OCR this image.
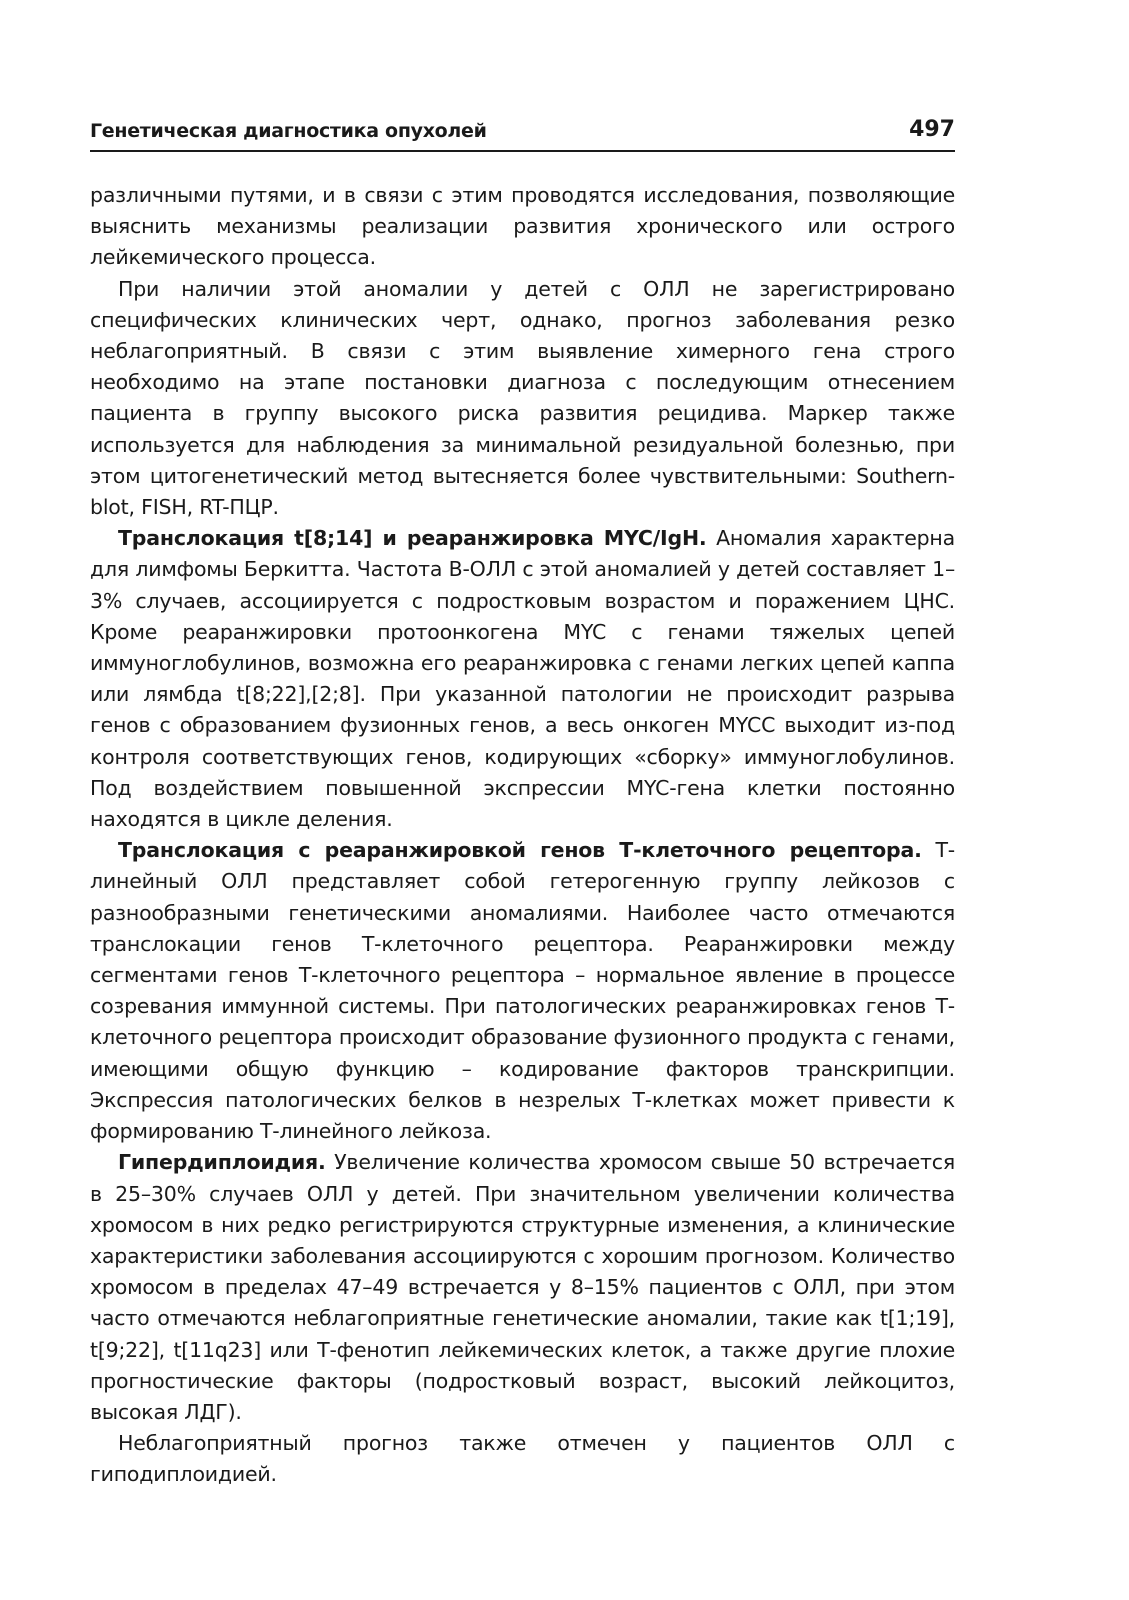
Генетическая диагностика опухолей	497

различными путями, и в связи с этим проводятся исследования, позволяющие выяснить механизмы реализации развития хронического или острого лейкемического процесса.

При наличии этой аномалии у детей с ОЛЛ не зарегистрировано специфических клинических черт, однако, прогноз заболевания резко неблагоприятный. В связи с этим выявление химерного гена строго необходимо на этапе постановки диагноза с последующим отнесением пациента в группу высокого риска развития рецидива. Маркер также используется для наблюдения за минимальной резидуальной болезнью, при этом цитогенетический метод вытесняется более чувствительными: Southern-blot, FISH, RT-ПЦР.

Транслокация t[8;14] и реаранжировка MYC/IgH. Аномалия характерна для лимфомы Беркитта. Частота В-ОЛЛ с этой аномалией у детей составляет 1–3% случаев, ассоциируется с подростковым возрастом и поражением ЦНС. Кроме реаранжировки протоонкогена MYC с генами тяжелых цепей иммуноглобулинов, возможна его реаранжировка с генами легких цепей каппа или лямбда t[8;22],[2;8]. При указанной патологии не происходит разрыва генов с образованием фузионных генов, а весь онкоген MYCC выходит из-под контроля соответствующих генов, кодирующих «сборку» иммуноглобулинов. Под воздействием повышенной экспрессии MYC-гена клетки постоянно находятся в цикле деления.

Транслокация с реаранжировкой генов Т-клеточного рецептора. Т-линейный ОЛЛ представляет собой гетерогенную группу лейкозов с разнообразными генетическими аномалиями. Наиболее часто отмечаются транслокации генов Т-клеточного рецептора. Реаранжировки между сегментами генов Т-клеточного рецептора – нормальное явление в процессе созревания иммунной системы. При патологических реаранжировках генов Т-клеточного рецептора происходит образование фузионного продукта с генами, имеющими общую функцию – кодирование факторов транскрипции. Экспрессия патологических белков в незрелых Т-клетках может привести к формированию Т-линейного лейкоза.

Гипердиплоидия. Увеличение количества хромосом свыше 50 встречается в 25–30% случаев ОЛЛ у детей. При значительном увеличении количества хромосом в них редко регистрируются структурные изменения, а клинические характеристики заболевания ассоциируются с хорошим прогнозом. Количество хромосом в пределах 47–49 встречается у 8–15% пациентов с ОЛЛ, при этом часто отмечаются неблагоприятные генетические аномалии, такие как t[1;19], t[9;22], t[11q23] или Т-фенотип лейкемических клеток, а также другие плохие прогностические факторы (подростковый возраст, высокий лейкоцитоз, высокая ЛДГ).

Неблагоприятный прогноз также отмечен у пациентов ОЛЛ с гиподиплоидией.
